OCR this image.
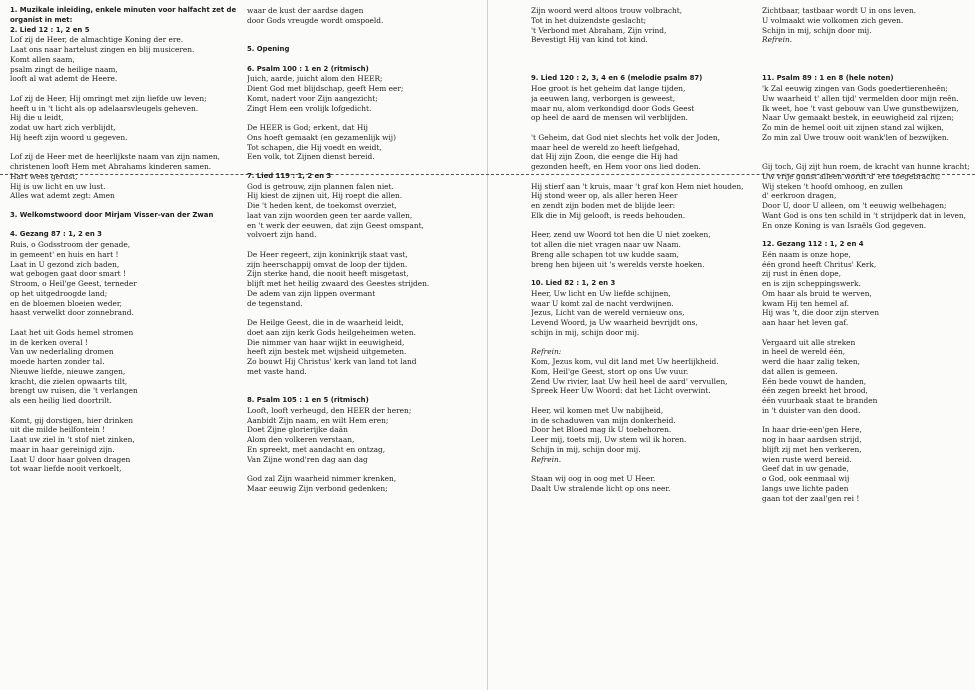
1. Muzikale inleiding, enkele minuten voor halfacht zet de
organist in met:
2. Lied 12 : 1, 2 en 5
Lof zij de Heer, de almachtige Koning der ere.
Laat ons naar hartelust zingen en blij musiceren.
Komt allen saam,
psalm zingt de heilige naam,
looft al wat ademt de Heere.
Lof zij de Heer, Hij omringt met zijn liefde uw leven;
heeft u in 't licht als op adelaarsvleugels geheven.
Hij die u leidt,
zodat uw hart zich verblijdt,
Hij heeft zijn woord u gegeven.
Lof zij de Heer met de heerlijkste naam van zijn namen,
christenen looft Hem met Abrahams kinderen samen.
Hart wees gerust,
Hij is uw licht en uw lust.
Alles wat ademt zegt: Amen
3. Welkomstwoord door Mirjam Visser-van der Zwan
4. Gezang 87 : 1, 2 en 3
Ruis, o Godsstroom der genade,
in gemeent' en huis en hart !
Laat in U gezond zich baden,
wat gebogen gaat door smart !
Stroom, o Heil'ge Geest, terneder
op het uitgedroogde land;
en de bloemen bloeien weder,
haast verwelkt door zonnebrand.
Laat het uit Gods hemel stromen
in de kerken overal !
Van uw nederlaling dromen
moede harten zonder tal.
Nieuwe liefde, nieuwe zangen,
kracht, die zielen opwaarts tilt,
brengt uw ruisen, die 't verlangen
als een heilig lied doortrilt.
Komt, gij dorstigen, hier drinken
uit die milde heilfontein !
Laat uw ziel in 't stof niet zinken,
maar in haar gereinigd zijn.
Laat U door haar golven dragen
tot waar liefde nooit verkoelt,
waar de kust der aardse dagen
door Gods vreugde wordt omspoeld.
5. Opening
6. Psalm 100 : 1 en 2 (ritmisch)
Juich, aarde, juicht alom den HEER;
Dient God met blijdschap, geeft Hem eer;
Komt, nadert voor Zijn aangezicht;
Zingt Hem een vrolijk lofgedicht.
De HEER is God; erkent, dat Hij
Ons hoeft gemaakt (en gezamenlijk wij)
Tot schapen, die Hij voedt en weidt,
Een volk, tot Zijnen dienst bereid.
7. Lied 119 : 1, 2 en 3
God is getrouw, zijn plannen falen niet.
Hij kiest de zijnen uit, Hij roept die allen.
Die 't heden kent, de toekomst overziet,
laat van zijn woorden geen ter aarde vallen,
en 't werk der eeuwen, dat zijn Geest omspant,
volvoert zijn hand.
De Heer regeert, zijn koninkrijk staat vast,
zijn heerschappij omvat de loop der tijden.
Zijn sterke hand, die nooit heeft misgetast,
blijft met het heilig zwaard des Geestes strijden.
De adem van zijn lippen overmant
de tegenstand.
De Heilge Geest, die in de waarheid leidt,
doet aan zijn kerk Gods heilgeheimen weten.
Die nimmer van haar wijkt in eeuwigheid,
heeft zijn bestek met wijsheid uitgemeten.
Zo bouwt Hij Christus' kerk van land tot land
met vaste hand.
8. Psalm 105 : 1 en 5 (ritmisch)
Looft, looft verheugd, den HEER der heren;
Aanbidt Zijn naam, en wilt Hem eren;
Doet Zijne glorierijke daân
Alom den volkeren verstaan,
En spreekt, met aandacht en ontzag,
Van Zijne wond'ren dag aan dag
God zal Zijn waarheid nimmer krenken,
Maar eeuwig Zijn verbond gedenken;
Zijn woord werd altoos trouw volbracht,
Tot in het duizendste geslacht;
't Verbond met Abraham, Zijn vrind,
Bevestigt Hij van kind tot kind.
9. Lied 120 : 2, 3, 4 en 6 (melodie psalm 87)
Hoe groot is het geheim dat lange tijden,
ja eeuwen lang, verborgen is geweest,
maar nu, alom verkondigd door Gods Geest
op heel de aard de mensen wil verblijden.
't Geheim, dat God niet slechts het volk der Joden,
maar heel de wereld zo heeft liefgehad,
dat Hij zijn Zoon, die eenge die Hij had
gezonden heeft, en Hem voor ons lied doden.
Hij stierf aan 't kruis, maar 't graf kon Hem niet houden,
Hij stond weer op, als aller heren Heer
en zendt zijn boden met de blijde leer:
Elk die in Mij gelooft, is reeds behouden.
Heer, zend uw Woord tot hen die U niet zoeken,
tot allen die niet vragen naar uw Naam.
Breng alle schapen tot uw kudde saam,
breng hen bijeen uit 's werelds verste hoeken.
10. Lied 82 : 1, 2 en 3
Heer, Uw licht en Uw liefde schijnen,
waar U komt zal de nacht verdwijnen.
Jezus, Licht van de wereld vernieuw ons,
Levend Woord, ja Uw waarheid bevrijdt ons,
schijn in mij, schijn door mij.
Refrein:
Kom, Jezus kom, vul dit land met Uw heerlijkheid.
Kom, Heil'ge Geest, stort op ons Uw vuur.
Zend Uw rivier, laat Uw heil heel de aard' vervullen,
Spreek Heer Uw Woord: dat het Licht overwint.
Heer, wil komen met Uw nabijheid,
in de schaduwen van mijn donkerheid.
Door het Bloed mag ik U toebehoren.
Leer mij, toets mij, Uw stem wil ik horen.
Schijn in mij, schijn door mij.
Refrein.
Staan wij oog in oog met U Heer.
Daalt Uw stralende licht op ons neer.
Zichtbaar, tastbaar wordt U in ons leven.
U volmaakt wie volkomen zich geven.
Schijn in mij, schijn door mij.
Refrein.
11. Psalm 89 : 1 en 8 (hele noten)
'k Zal eeuwig zingen van Gods goedertierenheên;
Uw waarheid t' allen tijd' vermelden door mijn reên.
Ik weet, hoe 't vast gebouw van Uwe gunstbewijzen,
Naar Uw gemaakt bestek, in eeuwigheid zal rijzen;
Zo min de hemel ooit uit zijnen stand zal wijken,
Zo min zal Uwe trouw ooit wank'len of bezwijken.
Gij toch, Gij zijt hun roem, de kracht van hunne kracht;
Uw vrije gunst alleen wordt d' ere toegebracht;
Wij steken 't hoofd omhoog, en zullen
d' eerkroon dragen,
Door U, door U alleen, om 't eeuwig welbehagen;
Want God is ons ten schild in 't strijdperk dat in leven,
En onze Koning is van Israëls God gegeven.
12. Gezang 112 : 1, 2 en 4
Eén naam is onze hope,
één grond heeft Chritus' Kerk,
zij rust in ênen dope,
en is zijn scheppingswerk.
Om haar als bruid te werven,
kwam Hij ten hemel af.
Hij was 't, die door zijn sterven
aan haar het leven gaf.
Vergaard uit alle streken
in heel de wereld één,
werd die haar zalig teken,
dat allen is gemeen.
Eén bede vouwt de handen,
één zegen breekt het brood,
één vuurbaak staat te branden
in 't duister van den dood.
In haar drie-een'gen Here,
nog in haar aardsen strijd,
blijft zij met hen verkeren,
wien ruste werd bereid.
Geef dat in uw genade,
o God, ook eenmaal wij
langs uwe lichte paden
gaan tot der zaal'gen rei !
